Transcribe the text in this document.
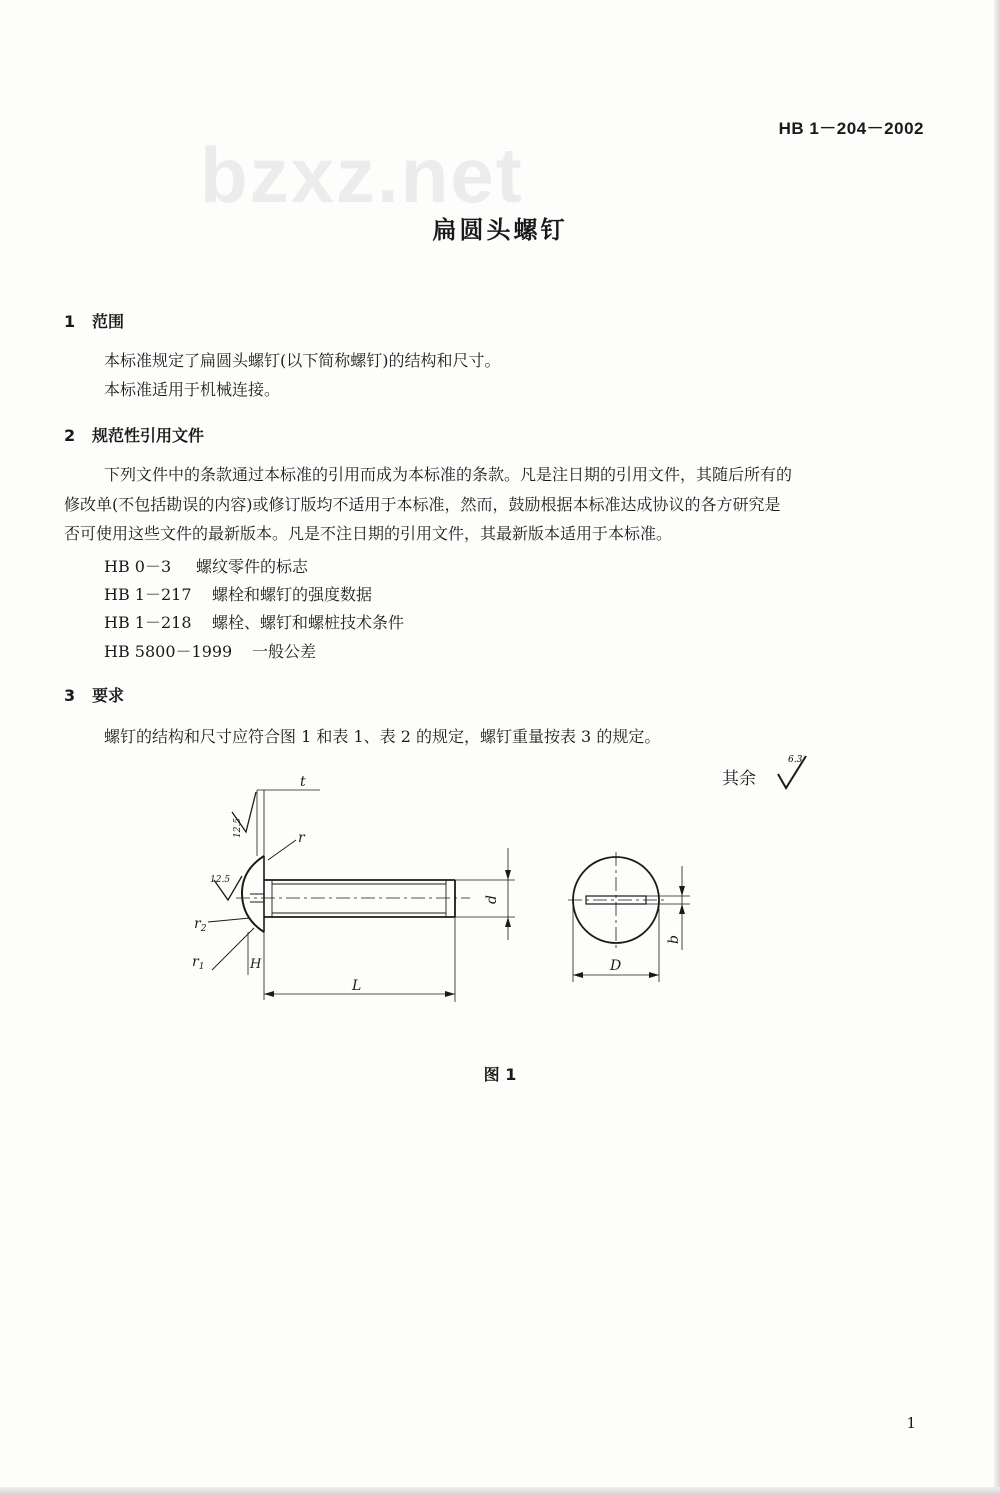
bzxz.net
HB 1－204－2002
扁圆头螺钉
1 范围
本标准规定了扁圆头螺钉(以下简称螺钉)的结构和尺寸。
本标准适用于机械连接。
2 规范性引用文件
下列文件中的条款通过本标准的引用而成为本标准的条款。凡是注日期的引用文件，其随后所有的
修改单(不包括勘误的内容)或修订版均不适用于本标准，然而，鼓励根据本标准达成协议的各方研究是
否可使用这些文件的最新版本。凡是不注日期的引用文件，其最新版本适用于本标准。
HB 0－3 螺纹零件的标志
HB 1－217 螺栓和螺钉的强度数据
HB 1－218 螺栓、螺钉和螺桩技术条件
HB 5800－1999 一般公差
3 要求
螺钉的结构和尺寸应符合图 1 和表 1、表 2 的规定，螺钉重量按表 3 的规定。
其余
6.3
t
r
$r_2$
$r_1$	H
L
d
D
b
12.5
12.5
图 1
1
